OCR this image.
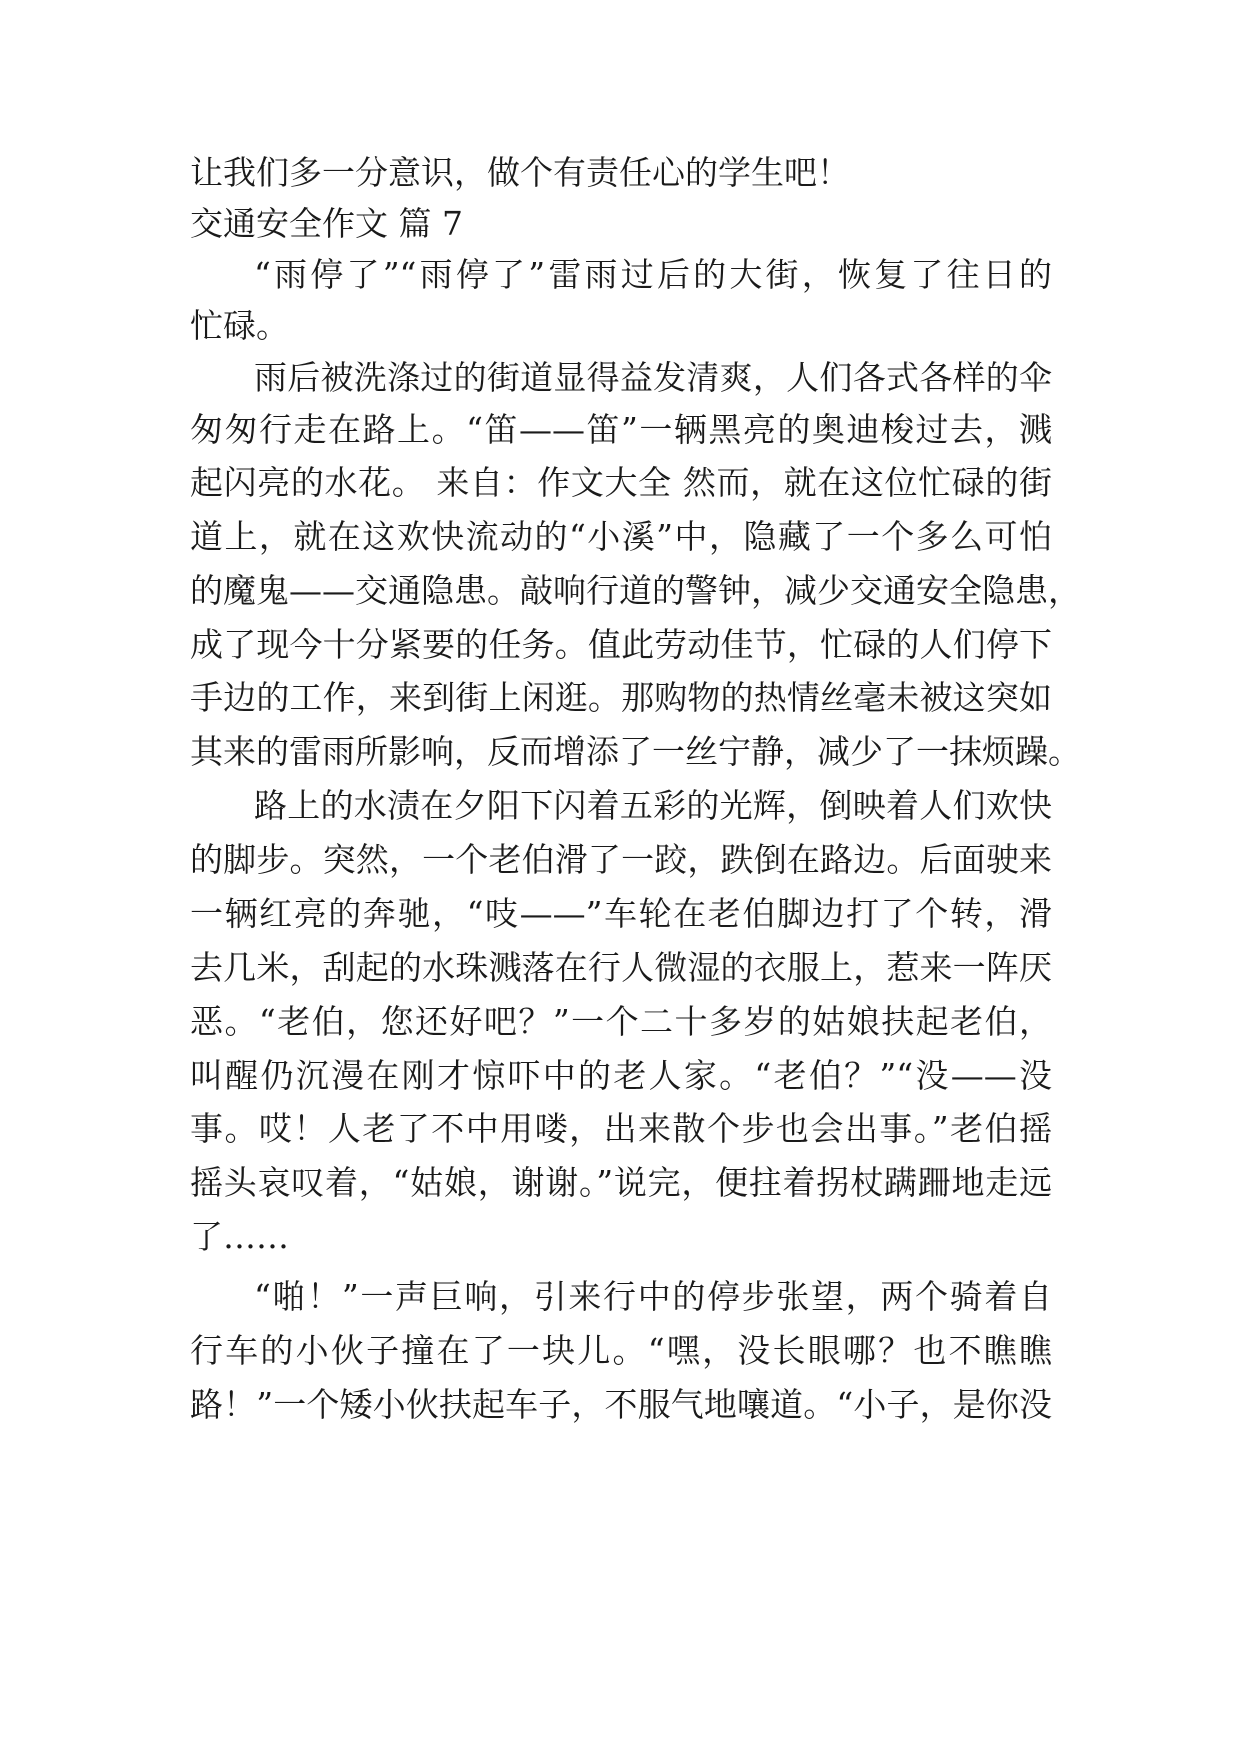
让我们多一分意识，做个有责任心的学生吧！
交通安全作文 篇 7
“雨停了”“雨停了”雷雨过后的大街，恢复了往日的
忙碌。
雨后被洗涤过的街道显得益发清爽，人们各式各样的伞
匆匆行走在路上。“笛——笛”一辆黑亮的奥迪梭过去，溅
起闪亮的水花。 来自：作文大全 然而，就在这位忙碌的街
道上，就在这欢快流动的“小溪”中，隐藏了一个多么可怕
的魔鬼——交通隐患。敲响行道的警钟，减少交通安全隐患，
成了现今十分紧要的任务。值此劳动佳节，忙碌的人们停下
手边的工作，来到街上闲逛。那购物的热情丝毫未被这突如
其来的雷雨所影响，反而增添了一丝宁静，减少了一抹烦躁。
路上的水渍在夕阳下闪着五彩的光辉，倒映着人们欢快
的脚步。突然，一个老伯滑了一跤，跌倒在路边。后面驶来
一辆红亮的奔驰，“吱——”车轮在老伯脚边打了个转，滑
去几米，刮起的水珠溅落在行人微湿的衣服上，惹来一阵厌
恶。“老伯，您还好吧？”一个二十多岁的姑娘扶起老伯，
叫醒仍沉漫在刚才惊吓中的老人家。“老伯？”“没——没
事。哎！人老了不中用喽，出来散个步也会出事。”老伯摇
摇头哀叹着，“姑娘，谢谢。”说完，便拄着拐杖蹒跚地走远
了……
“啪！”一声巨响，引来行中的停步张望，两个骑着自
行车的小伙子撞在了一块儿。“嘿，没长眼哪？也不瞧瞧
路！”一个矮小伙扶起车子，不服气地嚷道。“小子，是你没
